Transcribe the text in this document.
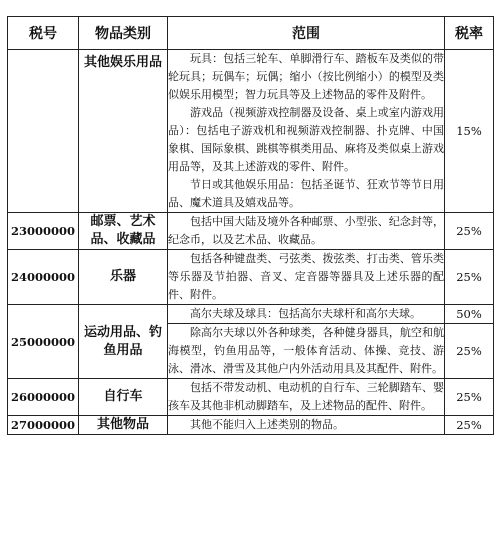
税号	物品类别	范围	税率
	其他娱乐用品	玩具：包括三轮车、单脚滑行车、踏板车及类似的带轮玩具；玩偶车；玩偶；缩小（按比例缩小）的模型及类似娱乐用模型；智力玩具等及上述物品的零件及附件。

游戏品（视频游戏控制器及设备、桌上或室内游戏用品）：包括电子游戏机和视频游戏控制器、扑克牌、中国象棋、国际象棋、跳棋等棋类用品、麻将及类似桌上游戏用品等，及其上述游戏的零件、附件。

节日或其他娱乐用品：包括圣诞节、狂欢节等节日用品、魔术道具及嬉戏品等。	15%
23000000	邮票、艺术品、收藏品	包括中国大陆及境外各种邮票、小型张、纪念封等，纪念币，以及艺术品、收藏品。	25%
24000000	乐器	包括各种键盘类、弓弦类、拨弦类、打击类、管乐类等乐器及节拍器、音叉、定音器等器具及上述乐器的配件、附件。	25%
25000000	运动用品、钓鱼用品	高尔夫球及球具：包括高尔夫球杆和高尔夫球。	50%

		除高尔夫球以外各种球类，各种健身器具，航空和航海模型，钓鱼用品等，一般体育活动、体操、竞技、游泳、滑冰、滑雪及其他户内外活动用具及其配件、附件。	25%
26000000	自行车	包括不带发动机、电动机的自行车、三轮脚踏车、婴孩车及其他非机动脚踏车，及上述物品的配件、附件。	25%
27000000	其他物品	其他不能归入上述类别的物品。	25%
